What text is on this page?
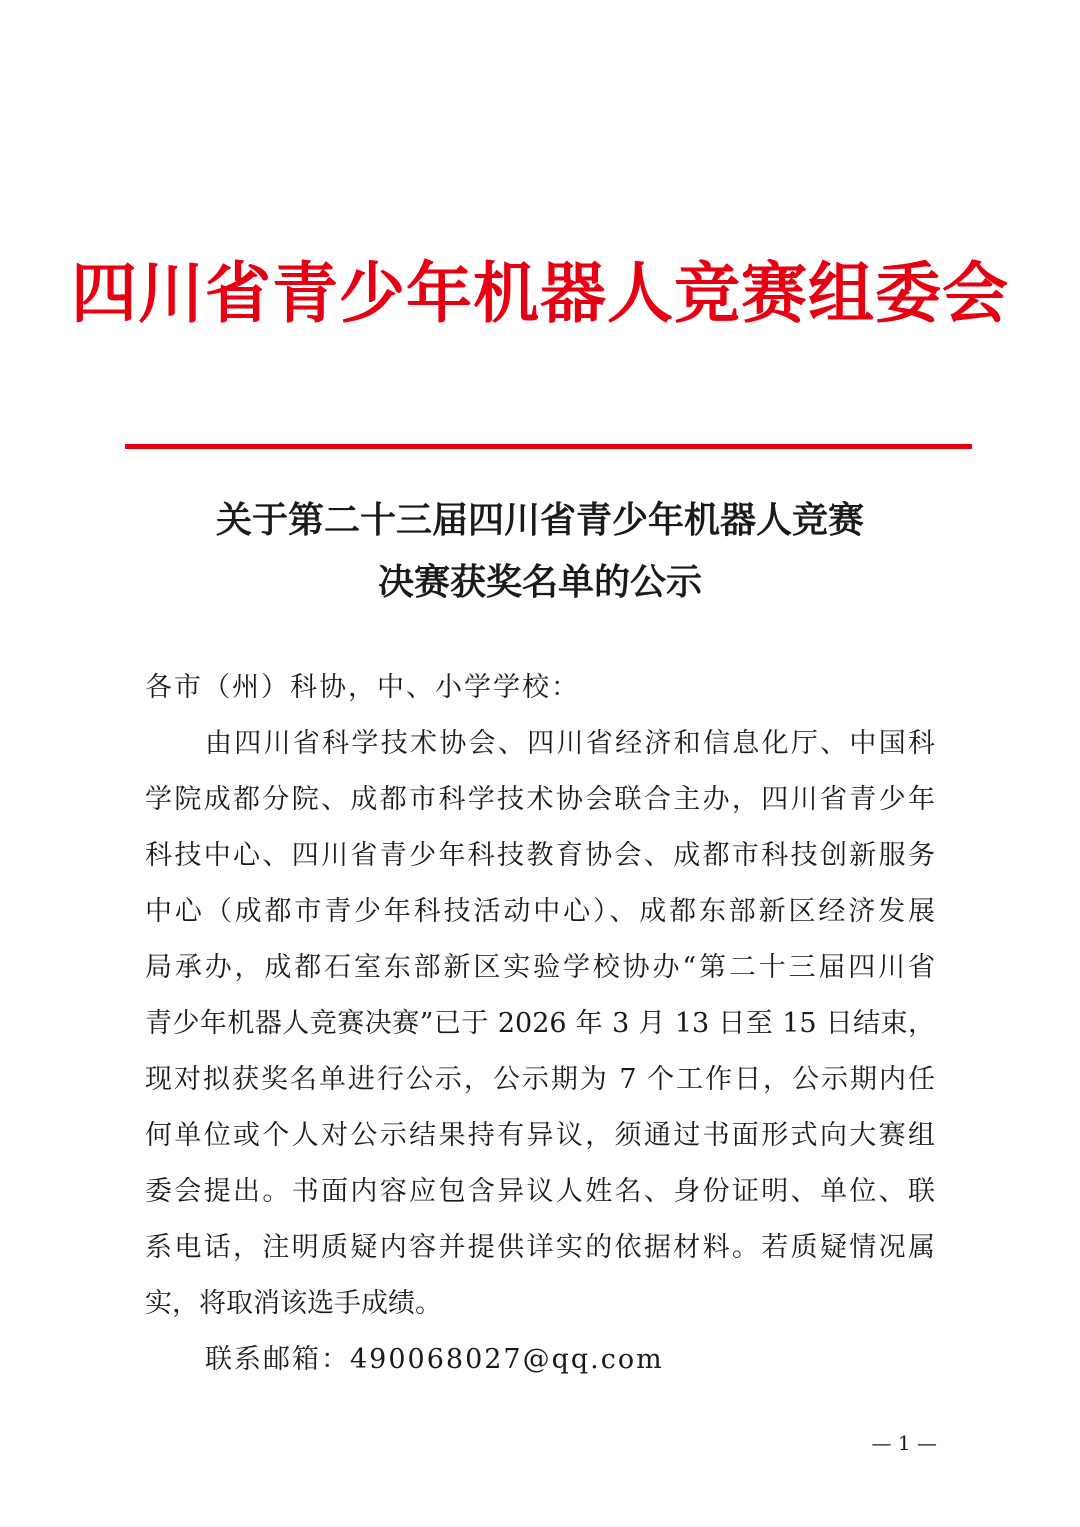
四川省青少年机器人竞赛组委会
关于第二十三届四川省青少年机器人竞赛
决赛获奖名单的公示
各市（州）科协，中、小学学校：
由四川省科学技术协会、四川省经济和信息化厅、中国科
学院成都分院、成都市科学技术协会联合主办，四川省青少年
科技中心、四川省青少年科技教育协会、成都市科技创新服务
中心（成都市青少年科技活动中心）、成都东部新区经济发展
局承办，成都石室东部新区实验学校协办“第二十三届四川省
青少年机器人竞赛决赛”已于 2026 年 3 月 13 日至 15 日结束，
现对拟获奖名单进行公示，公示期为 7 个工作日，公示期内任
何单位或个人对公示结果持有异议，须通过书面形式向大赛组
委会提出。书面内容应包含异议人姓名、身份证明、单位、联
系电话，注明质疑内容并提供详实的依据材料。若质疑情况属
实，将取消该选手成绩。
联系邮箱：490068027@qq.com
— 1 —
